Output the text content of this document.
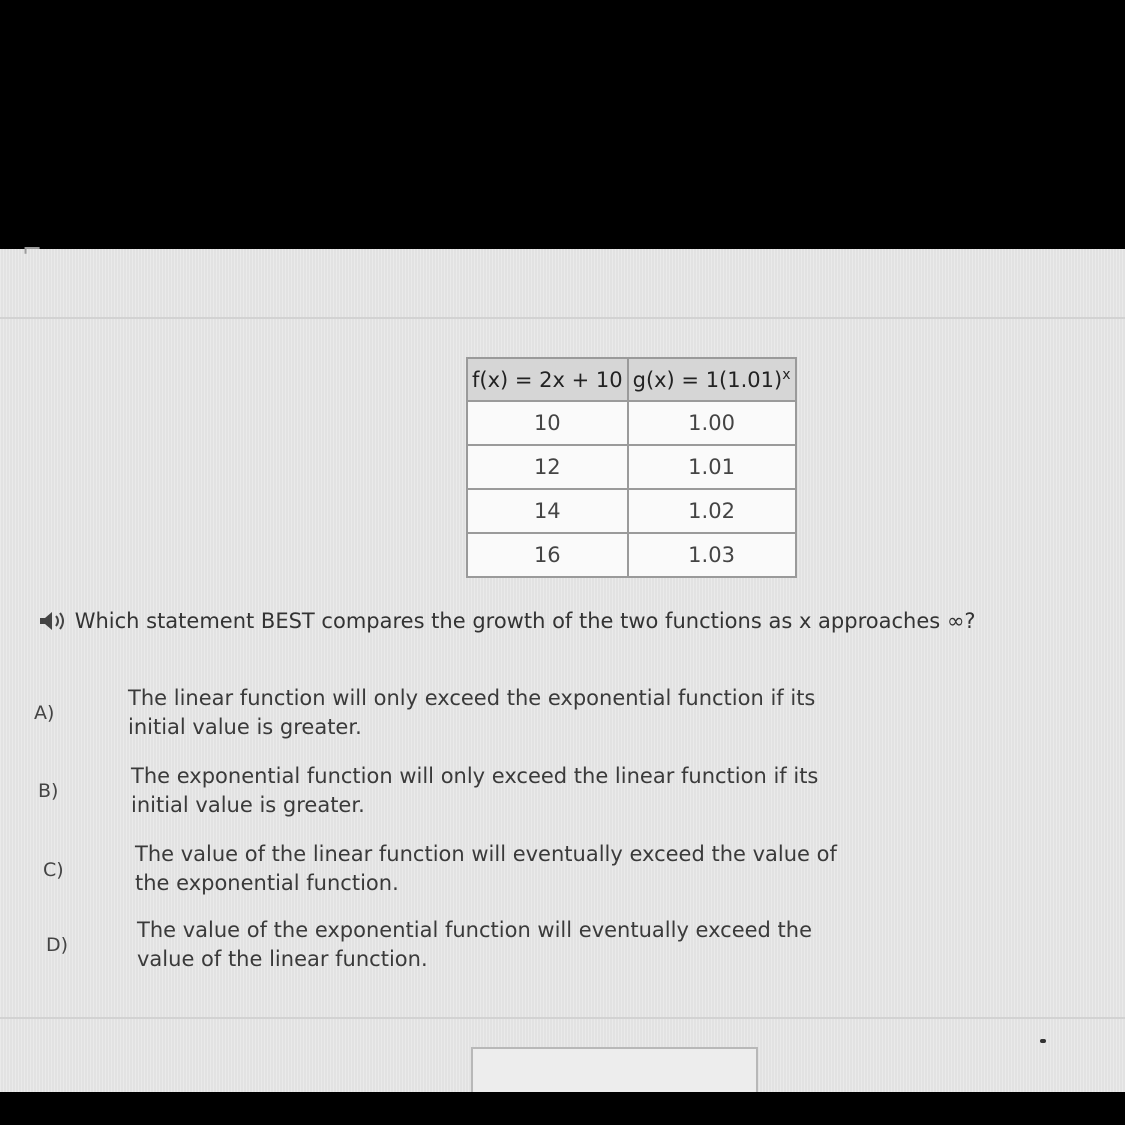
⌐
f(x) = 2x + 10	$g(x) = 1(1.01)^x$
10	1.00
12	1.01
14	1.02
16	1.03
Which statement BEST compares the growth of the two functions as x approaches ∞?
A)
The linear function will only exceed the exponential function if its initial value is greater.
B)
The exponential function will only exceed the linear function if its initial value is greater.
C)
The value of the linear function will eventually exceed the value of the exponential function.
D)
The value of the exponential function will eventually exceed the value of the linear function.
